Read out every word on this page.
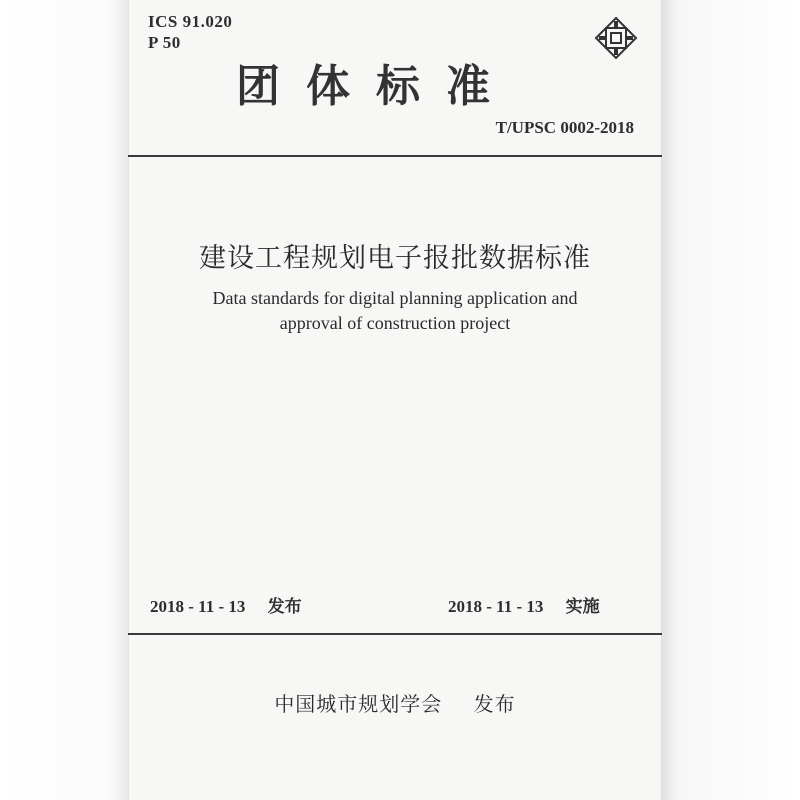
ICS 91.020
P 50
团体标准
T/UPSC 0002-2018
建设工程规划电子报批数据标准
Data standards for digital planning application and
approval of construction project
2018 - 11 - 13 发布	2018 - 11 - 13 实施
中国城市规划学会 发布
